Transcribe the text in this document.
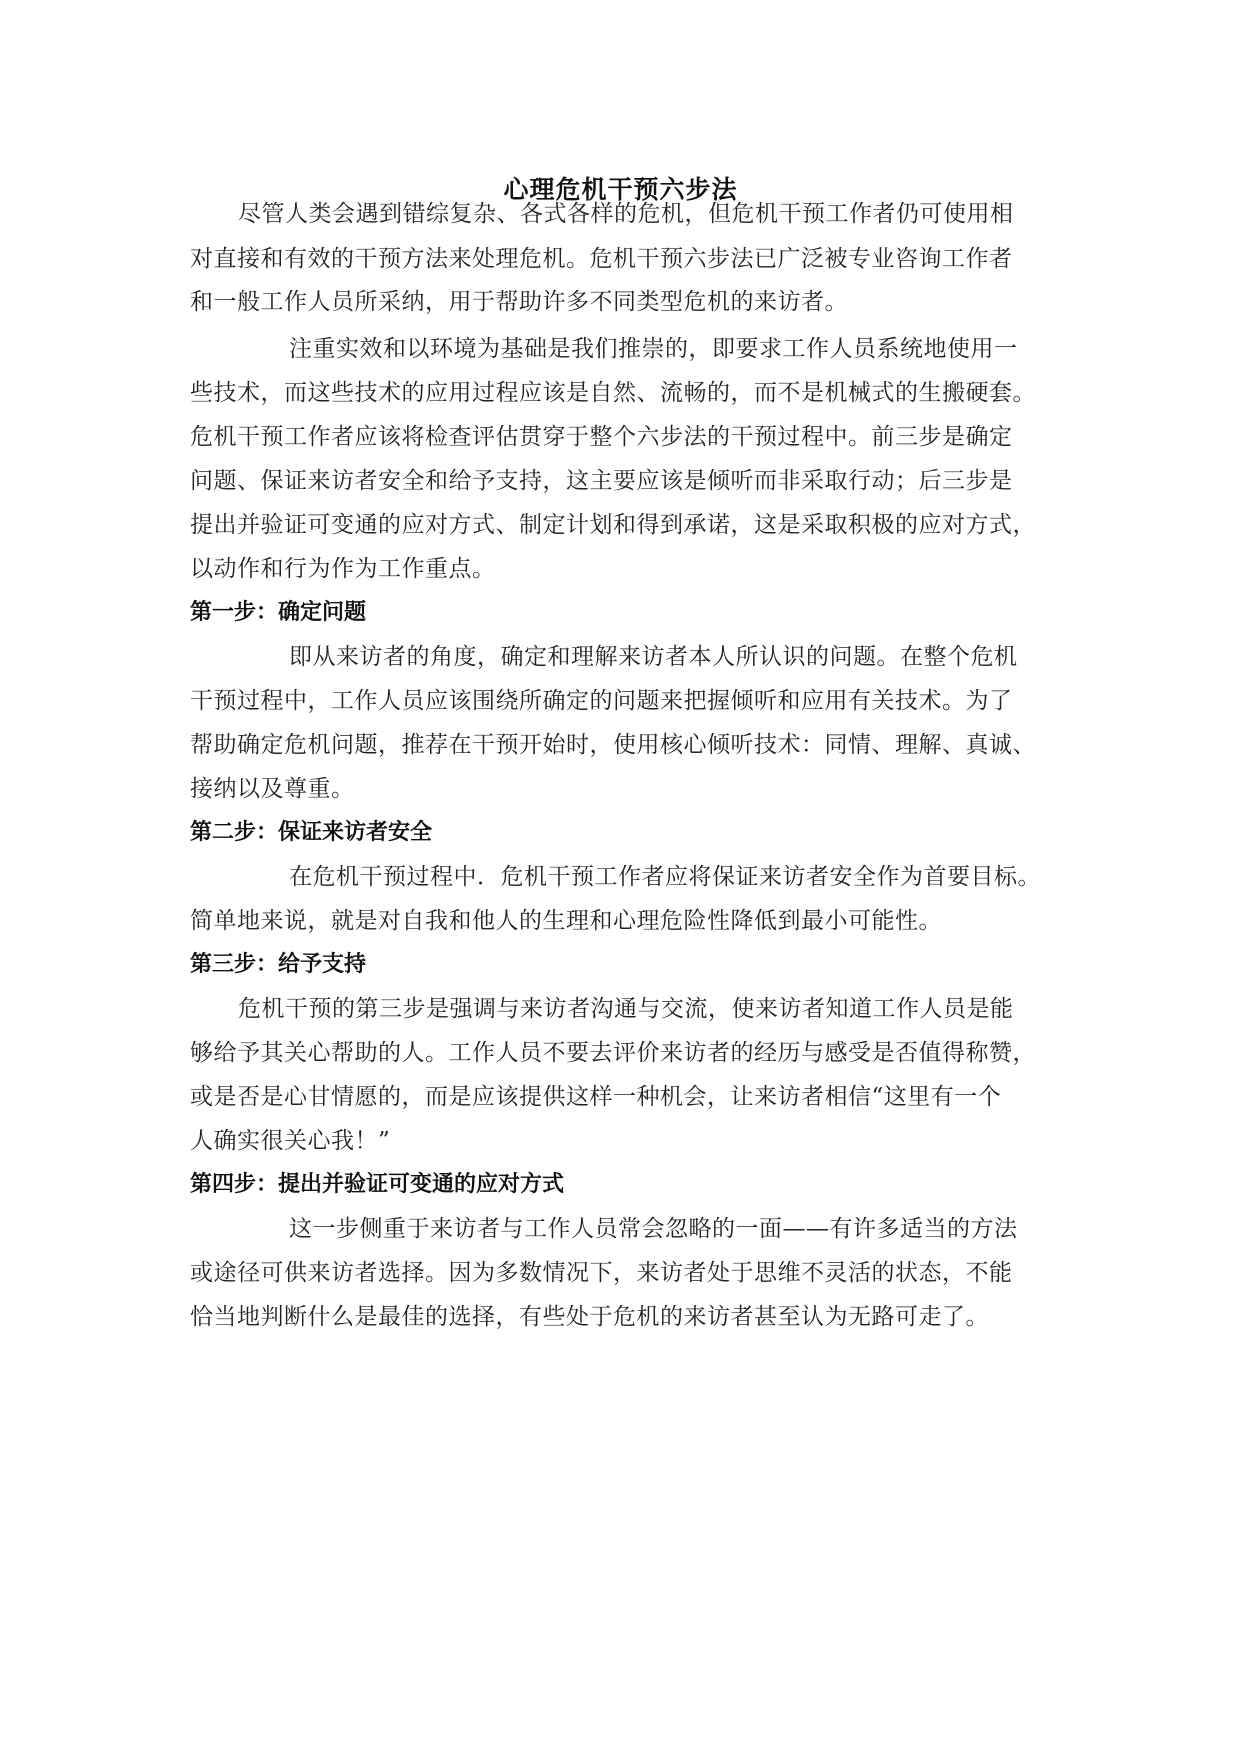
心理危机干预六步法
尽管人类会遇到错综复杂、各式各样的危机，但危机干预工作者仍可使用相
对直接和有效的干预方法来处理危机。危机干预六步法已广泛被专业咨询工作者
和一般工作人员所采纳，用于帮助许多不同类型危机的来访者。
注重实效和以环境为基础是我们推崇的，即要求工作人员系统地使用一
些技术，而这些技术的应用过程应该是自然、流畅的，而不是机械式的生搬硬套。
危机干预工作者应该将检查评估贯穿于整个六步法的干预过程中。前三步是确定
问题、保证来访者安全和给予支持，这主要应该是倾听而非采取行动；后三步是
提出并验证可变通的应对方式、制定计划和得到承诺，这是采取积极的应对方式，
以动作和行为作为工作重点。
第一步：确定问题
即从来访者的角度，确定和理解来访者本人所认识的问题。在整个危机
干预过程中，工作人员应该围绕所确定的问题来把握倾听和应用有关技术。为了
帮助确定危机问题，推荐在干预开始时，使用核心倾听技术：同情、理解、真诚、
接纳以及尊重。
第二步：保证来访者安全
在危机干预过程中．危机干预工作者应将保证来访者安全作为首要目标。
简单地来说，就是对自我和他人的生理和心理危险性降低到最小可能性。
第三步：给予支持
危机干预的第三步是强调与来访者沟通与交流，使来访者知道工作人员是能
够给予其关心帮助的人。工作人员不要去评价来访者的经历与感受是否值得称赞，
或是否是心甘情愿的，而是应该提供这样一种机会，让来访者相信“这里有一个
人确实很关心我！”
第四步：提出并验证可变通的应对方式
这一步侧重于来访者与工作人员常会忽略的一面——有许多适当的方法
或途径可供来访者选择。因为多数情况下，来访者处于思维不灵活的状态，不能
恰当地判断什么是最佳的选择，有些处于危机的来访者甚至认为无路可走了。
